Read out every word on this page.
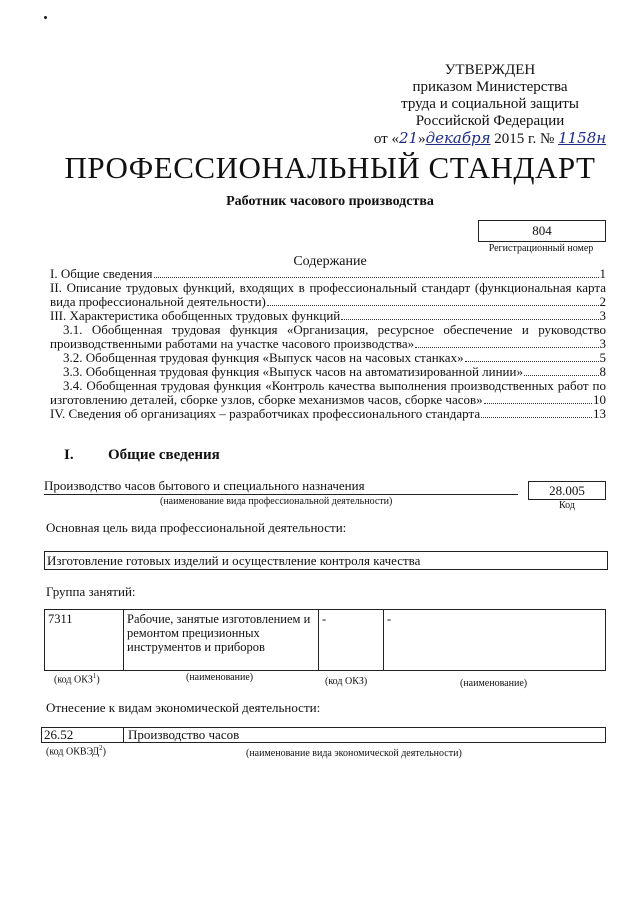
УТВЕРЖДЕН
приказом Министерства
труда и социальной защиты
Российской Федерации
от «21»декабря 2015 г. № 1158н
ПРОФЕССИОНАЛЬНЫЙ СТАНДАРТ
Работник часового производства
804
Регистрационный номер
Содержание
I. Общие сведения	1
II. Описание трудовых функций, входящих в профессиональный стандарт (функциональная карта
вида профессиональной деятельности)	2
III. Характеристика обобщенных трудовых функций	3
3.1. Обобщенная трудовая функция «Организация, ресурсное обеспечение и руководство
производственными работами на участке часового производства»	3
3.2. Обобщенная трудовая функция «Выпуск часов на часовых станках»	5
3.3. Обобщенная трудовая функция «Выпуск часов на автоматизированной линии»	8
3.4. Обобщенная трудовая функция «Контроль качества выполнения производственных работ по
изготовлению деталей, сборке узлов, сборке механизмов часов, сборке часов»	10
IV. Сведения об организациях – разработчиках профессионального стандарта	13
I. Общие сведения
Производство часов бытового и специального назначения
(наименование вида профессиональной деятельности)
28.005
Код
Основная цель вида профессиональной деятельности:
Изготовление готовых изделий и осуществление контроля качества
Группа занятий:
7311	Рабочие, занятые изготовлением и ремонтом прецизионных инструментов и приборов	-	-
(код ОКЗ$^1$)	(наименование)	(код ОКЗ)	(наименование)
Отнесение к видам экономической деятельности:
26.52	Производство часов
(код ОКВЭД$^2$)	(наименование вида экономической деятельности)
